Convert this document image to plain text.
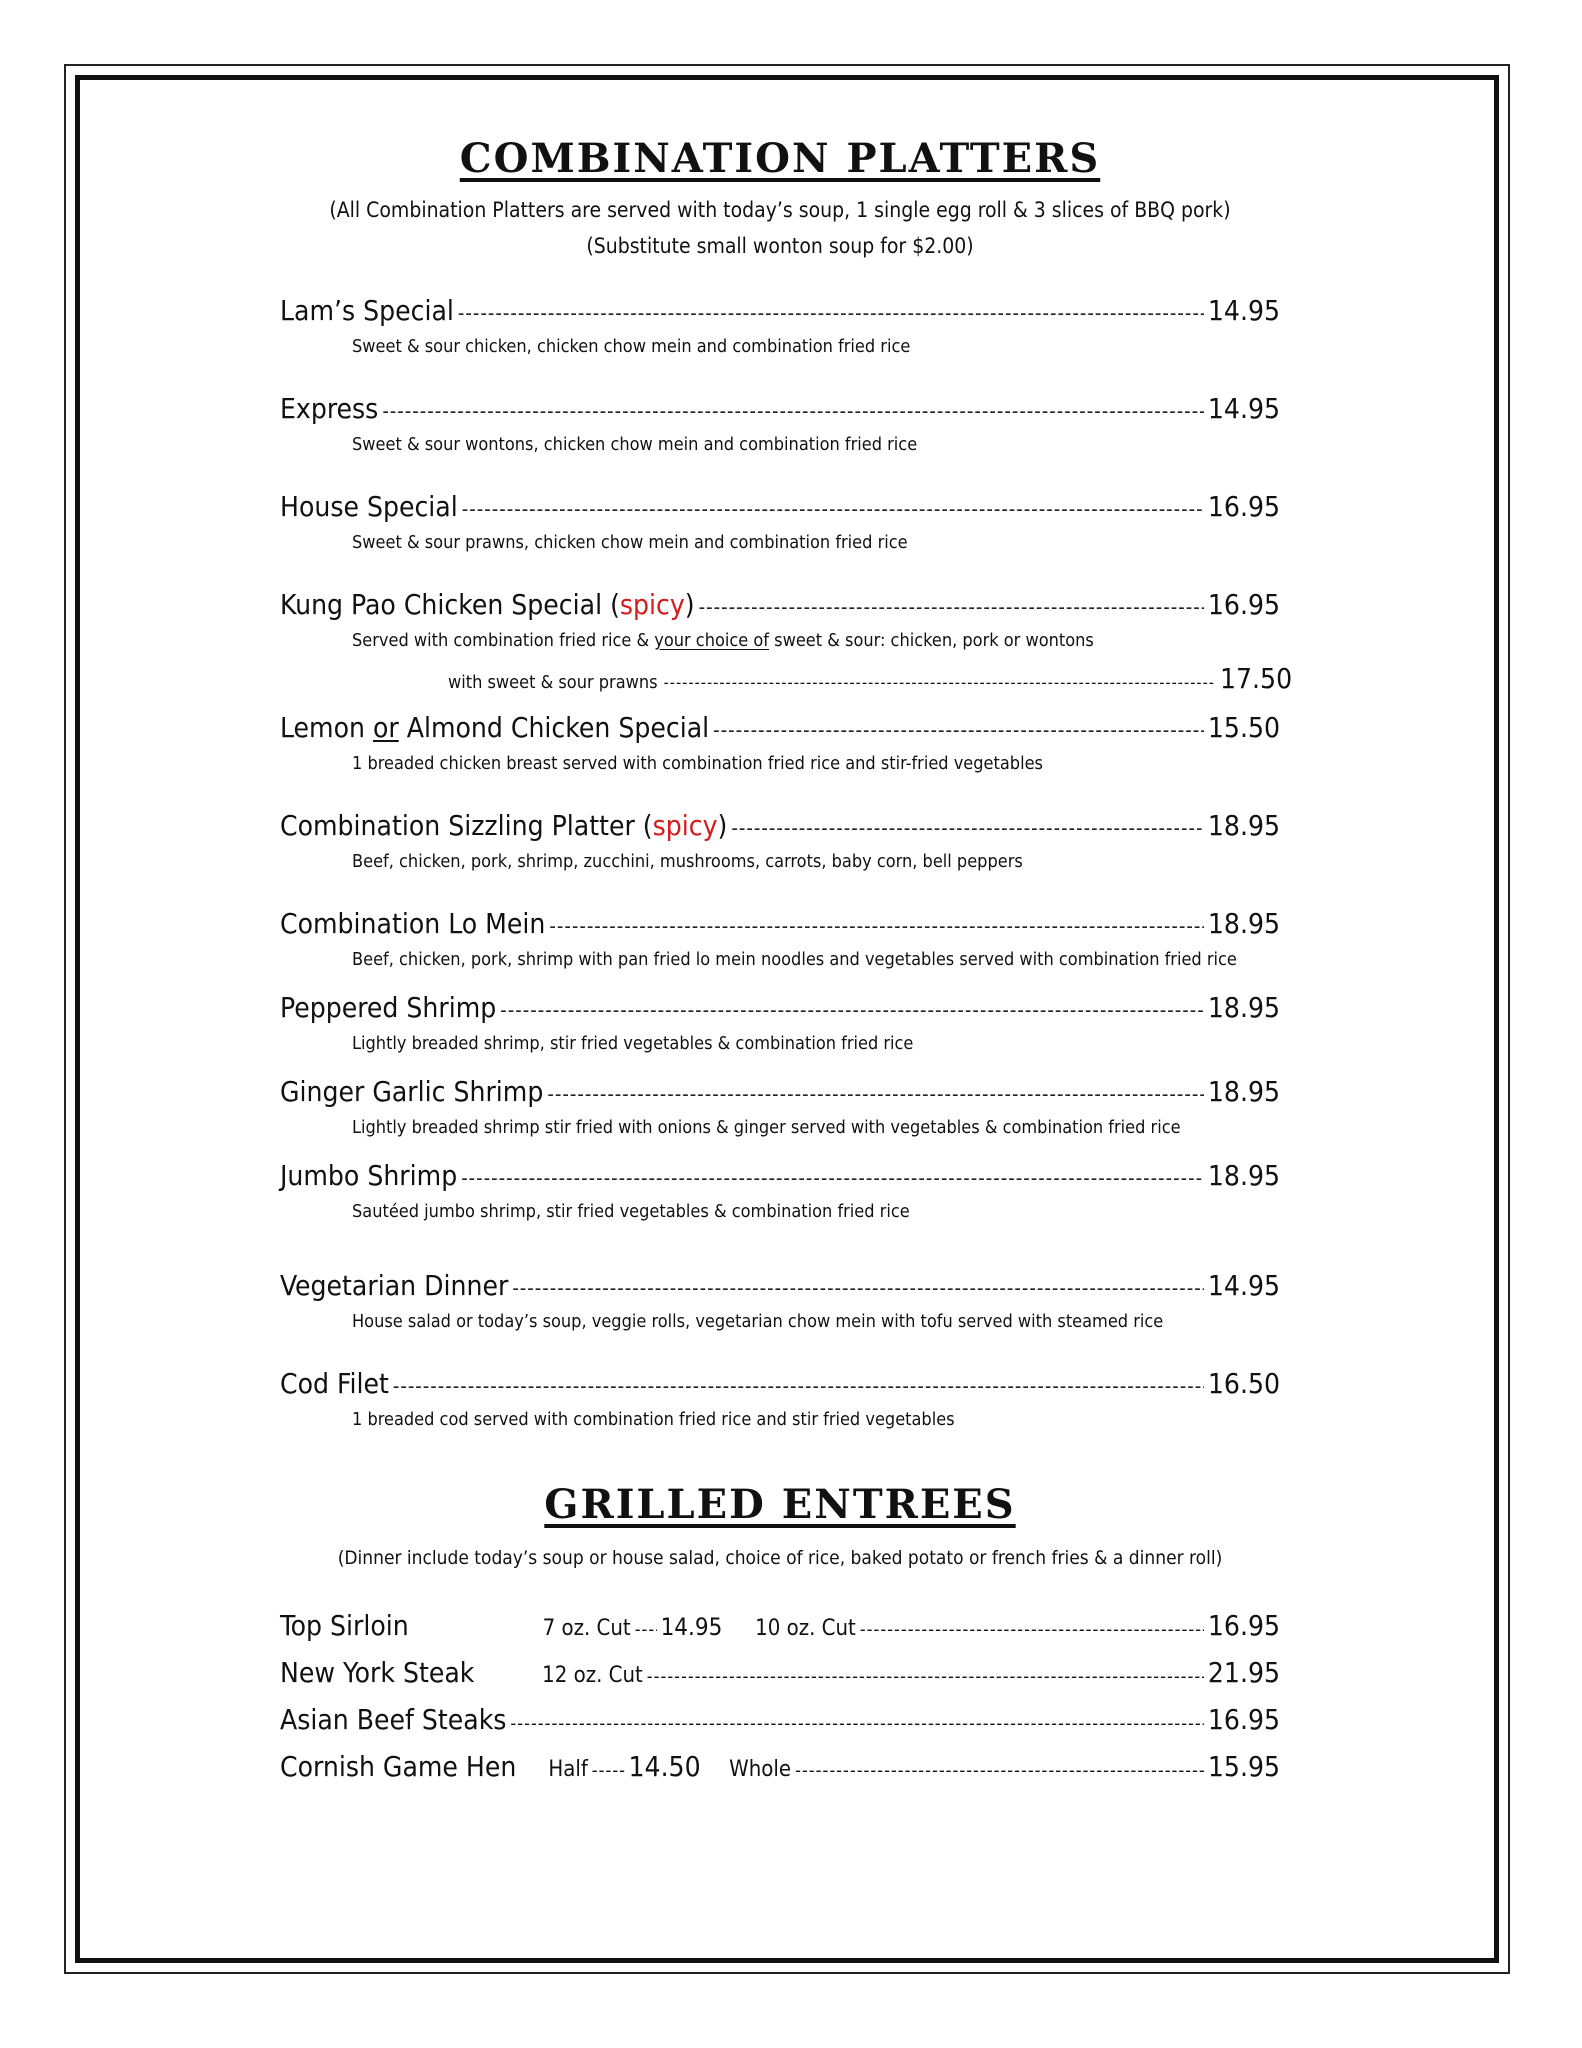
COMBINATION PLATTERS

(All Combination Platters are served with today’s soup, 1 single egg roll & 3 slices of BBQ pork)

(Substitute small wonton soup for $2.00)

Lam’s Special -----	14.95
Sweet & sour chicken, chicken chow mein and combination fried rice
Express -----	14.95
Sweet & sour wontons, chicken chow mein and combination fried rice
House Special -----	16.95
Sweet & sour prawns, chicken chow mein and combination fried rice
Kung Pao Chicken Special (spicy) -----	16.95
Served with combination fried rice & your choice of sweet & sour: chicken, pork or wontons
with sweet & sour prawns -----	17.50
Lemon or Almond Chicken Special -----	15.50
1 breaded chicken breast served with combination fried rice and stir-fried vegetables
Combination Sizzling Platter (spicy) -----	18.95
Beef, chicken, pork, shrimp, zucchini, mushrooms, carrots, baby corn, bell peppers
Combination Lo Mein -----	18.95
Beef, chicken, pork, shrimp with pan fried lo mein noodles and vegetables served with combination fried rice
Peppered Shrimp -----	18.95
Lightly breaded shrimp, stir fried vegetables & combination fried rice
Ginger Garlic Shrimp -----	18.95
Lightly breaded shrimp stir fried with onions & ginger served with vegetables & combination fried rice
Jumbo Shrimp -----	18.95
Sautéed jumbo shrimp, stir fried vegetables & combination fried rice
Vegetarian Dinner -----	14.95
House salad or today’s soup, veggie rolls, vegetarian chow mein with tofu served with steamed rice
Cod Filet -----	16.50
1 breaded cod served with combination fried rice and stir fried vegetables
GRILLED ENTREES

(Dinner include today’s soup or house salad, choice of rice, baked potato or french fries & a dinner roll)

Top Sirloin	7 oz. Cut ----- 14.95 10 oz. Cut -----	16.95
New York Steak	12 oz. Cut -----	21.95
Asian Beef Steaks -----	16.95
Cornish Game Hen	Half ----- 14.50 Whole -----	15.95
